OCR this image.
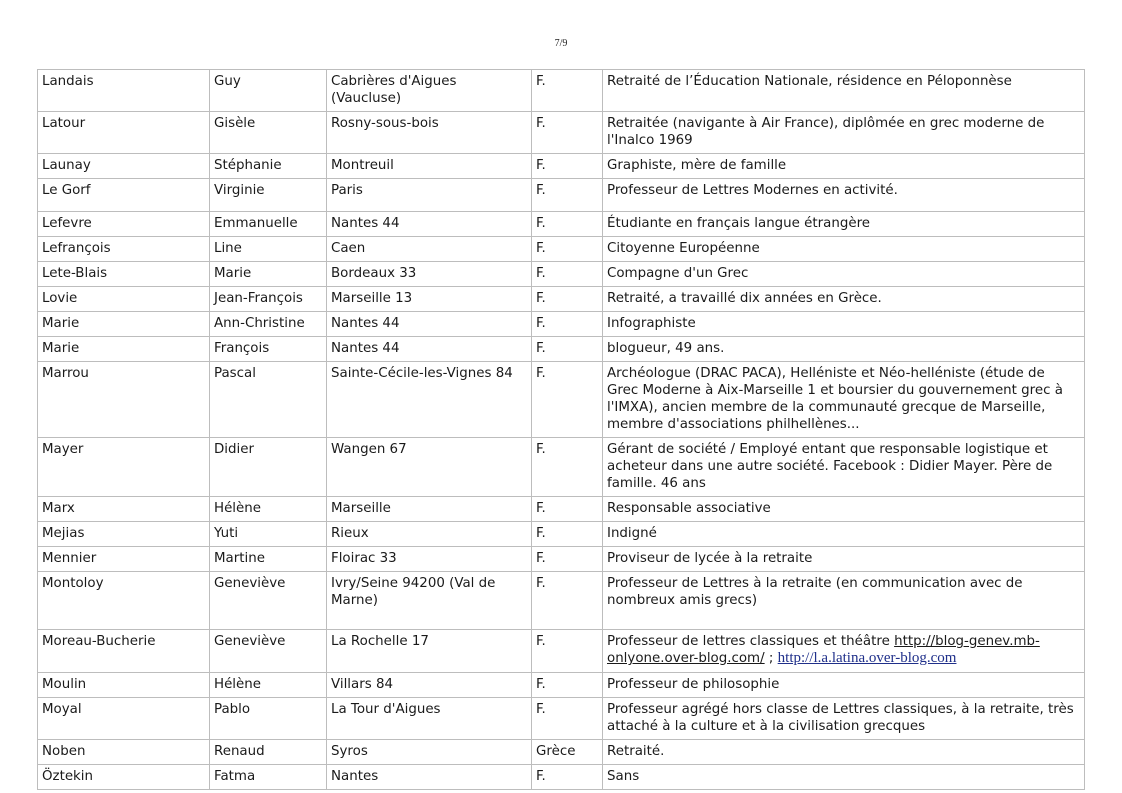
7/9
Landais	Guy	Cabrières d'Aigues (Vaucluse)	F.	Retraité de l’Éducation Nationale, résidence en Péloponnèse
Latour	Gisèle	Rosny-sous-bois	F.	Retraitée (navigante à Air France), diplômée en grec moderne de l'Inalco 1969
Launay	Stéphanie	Montreuil	F.	Graphiste, mère de famille
Le Gorf	Virginie	Paris	F.	Professeur de Lettres Modernes en activité.
Lefevre	Emmanuelle	Nantes 44	F.	Étudiante en français langue étrangère
Lefrançois	Line	Caen	F.	Citoyenne Européenne
Lete-Blais	Marie	Bordeaux 33	F.	Compagne d'un Grec
Lovie	Jean-François	Marseille 13	F.	Retraité, a travaillé dix années en Grèce.
Marie	Ann-Christine	Nantes 44	F.	Infographiste
Marie	François	Nantes 44	F.	blogueur, 49 ans.
Marrou	Pascal	Sainte-Cécile-les-Vignes 84	F.	Archéologue (DRAC PACA), Helléniste et Néo-helléniste (étude de Grec Moderne à Aix-Marseille 1 et boursier du gouvernement grec à l'IMXA), ancien membre de la communauté grecque de Marseille, membre d'associations philhellènes...
Mayer	Didier	Wangen 67	F.	Gérant de société / Employé entant que responsable logistique et acheteur dans une autre société. Facebook : Didier Mayer. Père de famille. 46 ans
Marx	Hélène	Marseille	F.	Responsable associative
Mejias	Yuti	Rieux	F.	Indigné
Mennier	Martine	Floirac 33	F.	Proviseur de lycée à la retraite
Montoloy	Geneviève	Ivry/Seine 94200 (Val de Marne)	F.	Professeur de Lettres à la retraite (en communication avec de nombreux amis grecs)
Moreau-Bucherie	Geneviève	La Rochelle 17	F.	Professeur de lettres classiques et théâtre http://blog-genev.mb-onlyone.over-blog.com/ ; http://l.a.latina.over-blog.com
Moulin	Hélène	Villars 84	F.	Professeur de philosophie
Moyal	Pablo	La Tour d'Aigues	F.	Professeur agrégé hors classe de Lettres classiques, à la retraite, très attaché à la culture et à la civilisation grecques
Noben	Renaud	Syros	Grèce	Retraité.
Öztekin	Fatma	Nantes	F.	Sans
